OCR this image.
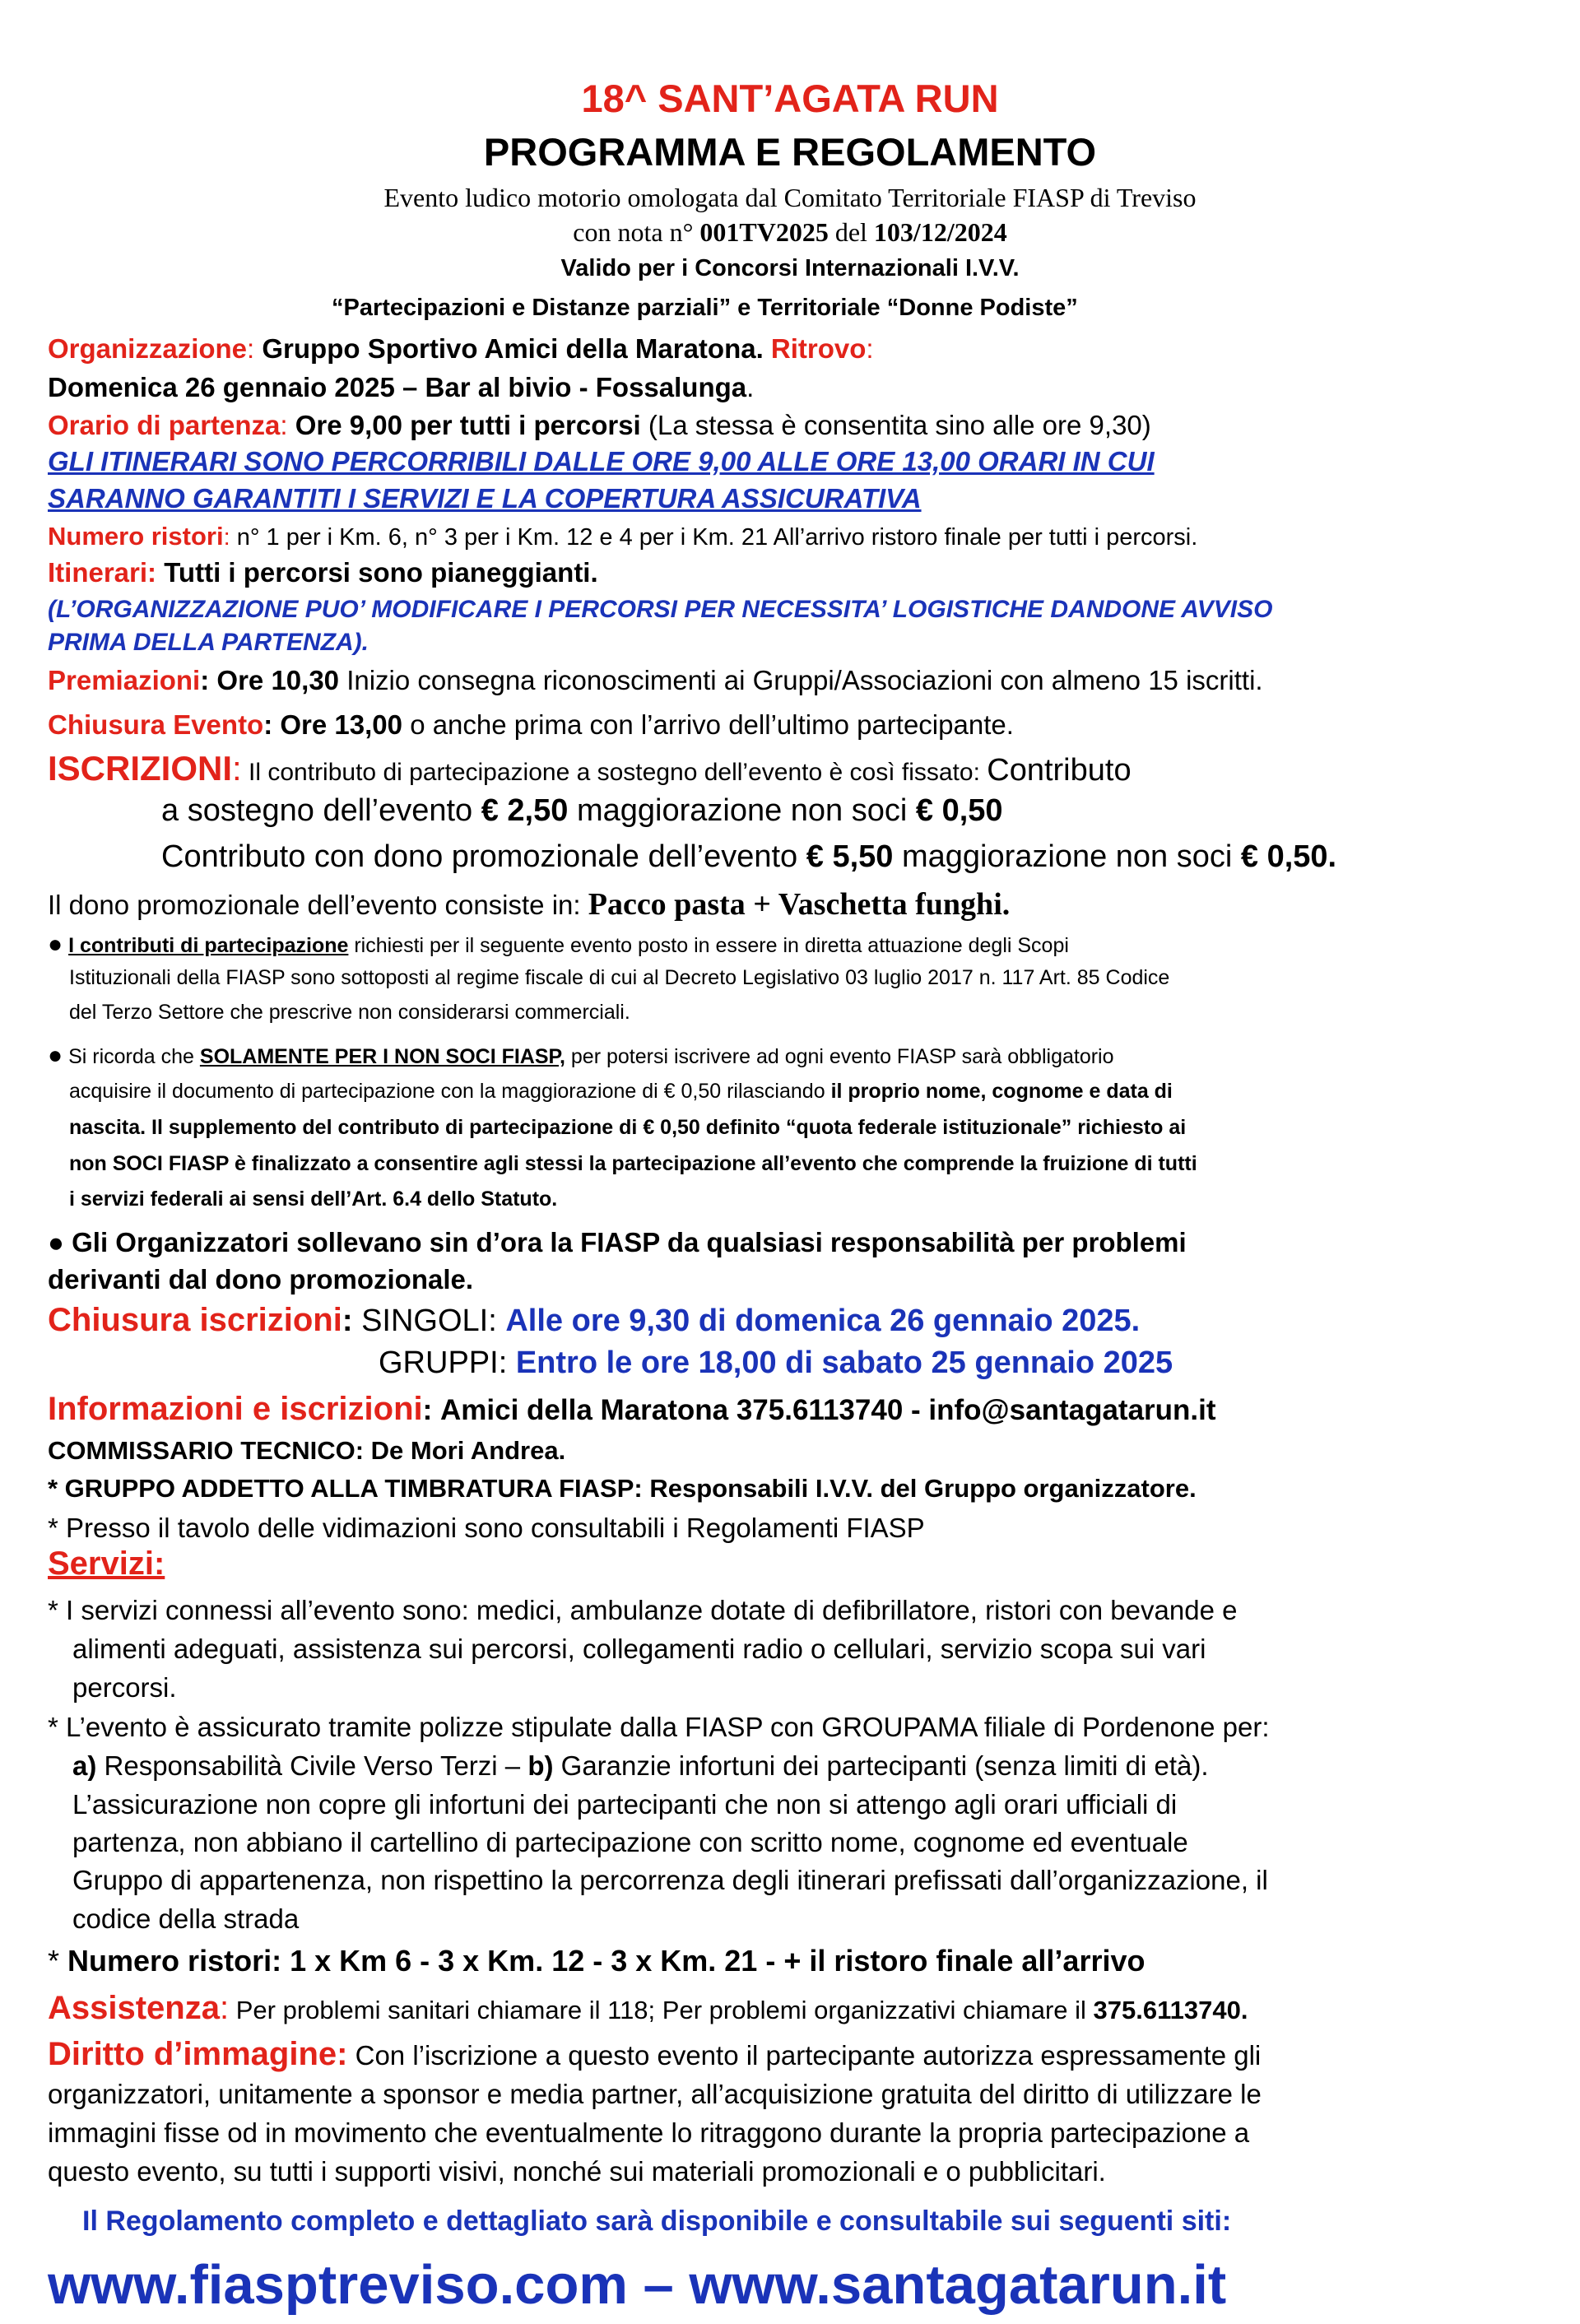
18^ SANT’AGATA RUN
PROGRAMMA E REGOLAMENTO
Evento ludico motorio omologata dal Comitato Territoriale FIASP di Treviso
con nota n° 001TV2025 del 103/12/2024
Valido per i Concorsi Internazionali I.V.V.
“Partecipazioni e Distanze parziali” e Territoriale “Donne Podiste”
Organizzazione: Gruppo Sportivo Amici della Maratona. Ritrovo:
Domenica 26 gennaio 2025 – Bar al bivio - Fossalunga.
Orario di partenza: Ore 9,00 per tutti i percorsi (La stessa è consentita sino alle ore 9,30)
GLI ITINERARI SONO PERCORRIBILI DALLE ORE 9,00 ALLE ORE 13,00 ORARI IN CUI
SARANNO GARANTITI I SERVIZI E LA COPERTURA ASSICURATIVA
Numero ristori: n° 1 per i Km. 6, n° 3 per i Km. 12 e 4 per i Km. 21 All’arrivo ristoro finale per tutti i percorsi.
Itinerari: Tutti i percorsi sono pianeggianti.
(L’ORGANIZZAZIONE PUO’ MODIFICARE I PERCORSI PER NECESSITA’ LOGISTICHE DANDONE AVVISO
PRIMA DELLA PARTENZA).
Premiazioni: Ore 10,30 Inizio consegna riconoscimenti ai Gruppi/Associazioni con almeno 15 iscritti.
Chiusura Evento: Ore 13,00 o anche prima con l’arrivo dell’ultimo partecipante.
ISCRIZIONI: Il contributo di partecipazione a sostegno dell’evento è così fissato: Contributo
a sostegno dell’evento € 2,50 maggiorazione non soci € 0,50
Contributo con dono promozionale dell’evento € 5,50 maggiorazione non soci € 0,50.
Il dono promozionale dell’evento consiste in: Pacco pasta + Vaschetta funghi.
● I contributi di partecipazione richiesti per il seguente evento posto in essere in diretta attuazione degli Scopi
Istituzionali della FIASP sono sottoposti al regime fiscale di cui al Decreto Legislativo 03 luglio 2017 n. 117 Art. 85 Codice
del Terzo Settore che prescrive non considerarsi commerciali.
● Si ricorda che SOLAMENTE PER I NON SOCI FIASP, per potersi iscrivere ad ogni evento FIASP sarà obbligatorio
acquisire il documento di partecipazione con la maggiorazione di € 0,50 rilasciando il proprio nome, cognome e data di
nascita. Il supplemento del contributo di partecipazione di € 0,50 definito “quota federale istituzionale” richiesto ai
non SOCI FIASP è finalizzato a consentire agli stessi la partecipazione all’evento che comprende la fruizione di tutti
i servizi federali ai sensi dell’Art. 6.4 dello Statuto.
● Gli Organizzatori sollevano sin d’ora la FIASP da qualsiasi responsabilità per problemi
derivanti dal dono promozionale.
Chiusura iscrizioni: SINGOLI: Alle ore 9,30 di domenica 26 gennaio 2025.
GRUPPI: Entro le ore 18,00 di sabato 25 gennaio 2025
Informazioni e iscrizioni: Amici della Maratona 375.6113740 - info@santagatarun.it
COMMISSARIO TECNICO: De Mori Andrea.
* GRUPPO ADDETTO ALLA TIMBRATURA FIASP: Responsabili I.V.V. del Gruppo organizzatore.
* Presso il tavolo delle vidimazioni sono consultabili i Regolamenti FIASP
Servizi:
* I servizi connessi all’evento sono: medici, ambulanze dotate di defibrillatore, ristori con bevande e
alimenti adeguati, assistenza sui percorsi, collegamenti radio o cellulari, servizio scopa sui vari
percorsi.
* L’evento è assicurato tramite polizze stipulate dalla FIASP con GROUPAMA filiale di Pordenone per:
a) Responsabilità Civile Verso Terzi – b) Garanzie infortuni dei partecipanti (senza limiti di età).
L’assicurazione non copre gli infortuni dei partecipanti che non si attengo agli orari ufficiali di
partenza, non abbiano il cartellino di partecipazione con scritto nome, cognome ed eventuale
Gruppo di appartenenza, non rispettino la percorrenza degli itinerari prefissati dall’organizzazione, il
codice della strada
* Numero ristori: 1 x Km 6 - 3 x Km. 12 - 3 x Km. 21 - + il ristoro finale all’arrivo
Assistenza: Per problemi sanitari chiamare il 118; Per problemi organizzativi chiamare il 375.6113740.
Diritto d’immagine: Con l’iscrizione a questo evento il partecipante autorizza espressamente gli
organizzatori, unitamente a sponsor e media partner, all’acquisizione gratuita del diritto di utilizzare le
immagini fisse od in movimento che eventualmente lo ritraggono durante la propria partecipazione a
questo evento, su tutti i supporti visivi, nonché sui materiali promozionali e o pubblicitari.
Il Regolamento completo e dettagliato sarà disponibile e consultabile sui seguenti siti:
www.fiasptreviso.com – www.santagatarun.it
